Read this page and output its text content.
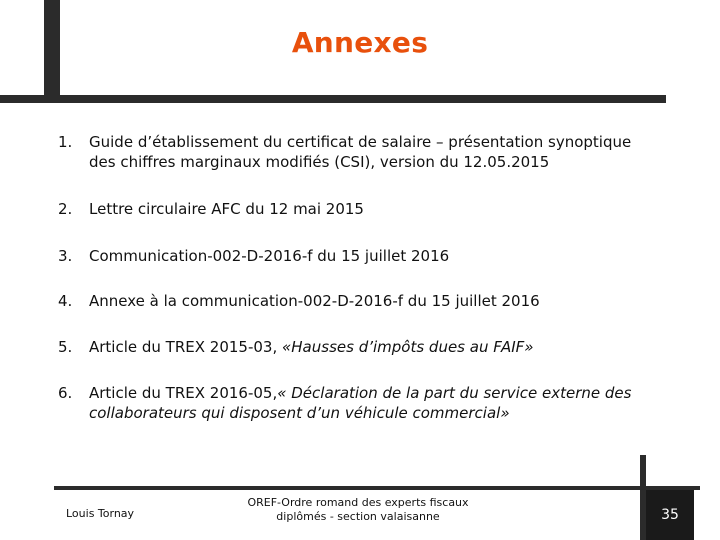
Annexes
1.	Guide d’établissement du certificat de salaire – présentation synoptique
des chiffres marginaux modifiés (CSI), version du 12.05.2015
2.	Lettre circulaire AFC du 12 mai 2015
3.	Communication-002-D-2016-f du 15 juillet 2016
4.	Annexe à la communication-002-D-2016-f du 15 juillet 2016
5.	Article du TREX 2015-03, «Hausses d’impôts dues au FAIF»
6.	Article du TREX 2016-05,« Déclaration de la part du service externe des
collaborateurs qui disposent d’un véhicule commercial»
Louis Tornay
OREF-Ordre romand des experts fiscaux
diplômés - section valaisanne	35
